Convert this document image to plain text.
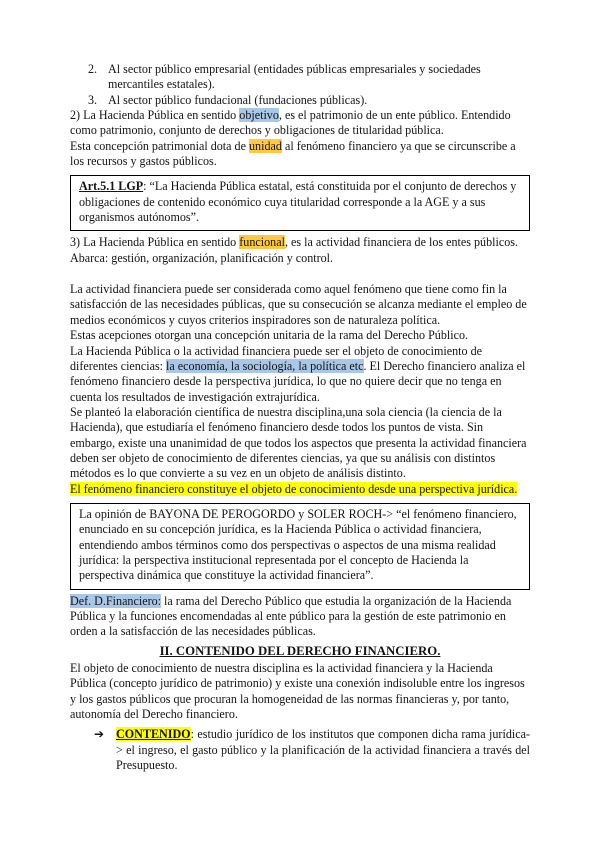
2. Al sector público empresarial (entidades públicas empresariales y sociedades mercantiles estatales).
3. Al sector público fundacional (fundaciones públicas).

2) La Hacienda Pública en sentido objetivo, es el patrimonio de un ente público. Entendido como patrimonio, conjunto de derechos y obligaciones de titularidad pública.

Esta concepción patrimonial dota de unidad al fenómeno financiero ya que se circunscribe a los recursos y gastos públicos.

Art.5.1 LGP: “La Hacienda Pública estatal, está constituida por el conjunto de derechos y obligaciones de contenido económico cuya titularidad corresponde a la AGE y a sus organismos autónomos”.

3) La Hacienda Pública en sentido funcional, es la actividad financiera de los entes públicos. Abarca: gestión, organización, planificación y control.

La actividad financiera puede ser considerada como aquel fenómeno que tiene como fin la satisfacción de las necesidades públicas, que su consecución se alcanza mediante el empleo de medios económicos y cuyos criterios inspiradores son de naturaleza política.

Estas acepciones otorgan una concepción unitaria de la rama del Derecho Público.

La Hacienda Pública o la actividad financiera puede ser el objeto de conocimiento de diferentes ciencias: la economía, la sociología, la política etc. El Derecho financiero analiza el fenómeno financiero desde la perspectiva jurídica, lo que no quiere decir que no tenga en cuenta los resultados de investigación extrajurídica.

Se planteó la elaboración científica de nuestra disciplina,una sola ciencia (la ciencia de la Hacienda), que estudiaría el fenómeno financiero desde todos los puntos de vista. Sin embargo, existe una unanimidad de que todos los aspectos que presenta la actividad financiera deben ser objeto de conocimiento de diferentes ciencias, ya que su análisis con distintos métodos es lo que convierte a su vez en un objeto de análisis distinto.

El fenómeno financiero constituye el objeto de conocimiento desde una perspectiva jurídica.

La opinión de BAYONA DE PEROGORDO y SOLER ROCH-> “el fenómeno financiero, enunciado en su concepción jurídica, es la Hacienda Pública o actividad financiera, entendiendo ambos términos como dos perspectivas o aspectos de una misma realidad jurídica: la perspectiva institucional representada por el concepto de Hacienda la perspectiva dinámica que constituye la actividad financiera”.

Def. D.Financiero: la rama del Derecho Público que estudia la organización de la Hacienda Pública y la funciones encomendadas al ente público para la gestión de este patrimonio en orden a la satisfacción de las necesidades públicas.

II. CONTENIDO DEL DERECHO FINANCIERO.

El objeto de conocimiento de nuestra disciplina es la actividad financiera y la Hacienda Pública (concepto jurídico de patrimonio) y existe una conexión indisoluble entre los ingresos y los gastos públicos que procuran la homogeneidad de las normas financieras y, por tanto, autonomía del Derecho financiero.

➔ CONTENIDO: estudio jurídico de los institutos que componen dicha rama jurídica-> el ingreso, el gasto público y la planificación de la actividad financiera a través del Presupuesto.
